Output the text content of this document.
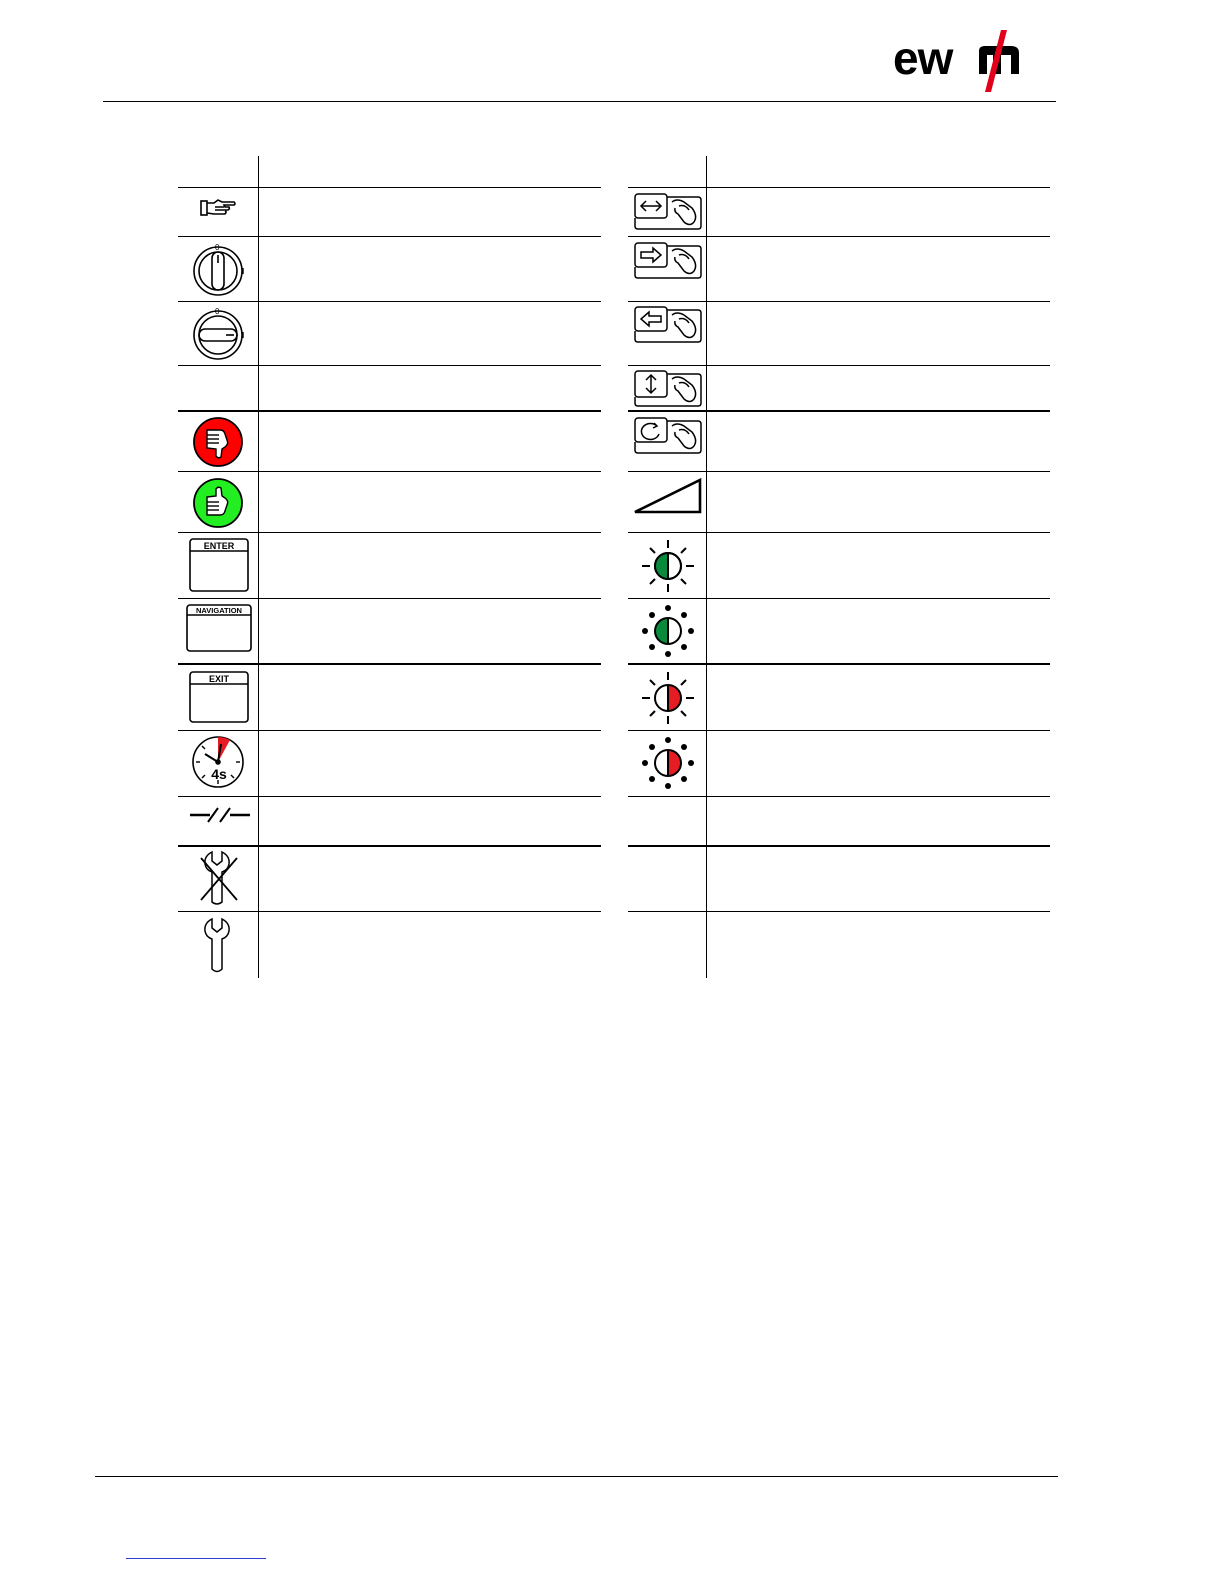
ew
0
0
ENTER
NAVIGATION
EXIT
4s
